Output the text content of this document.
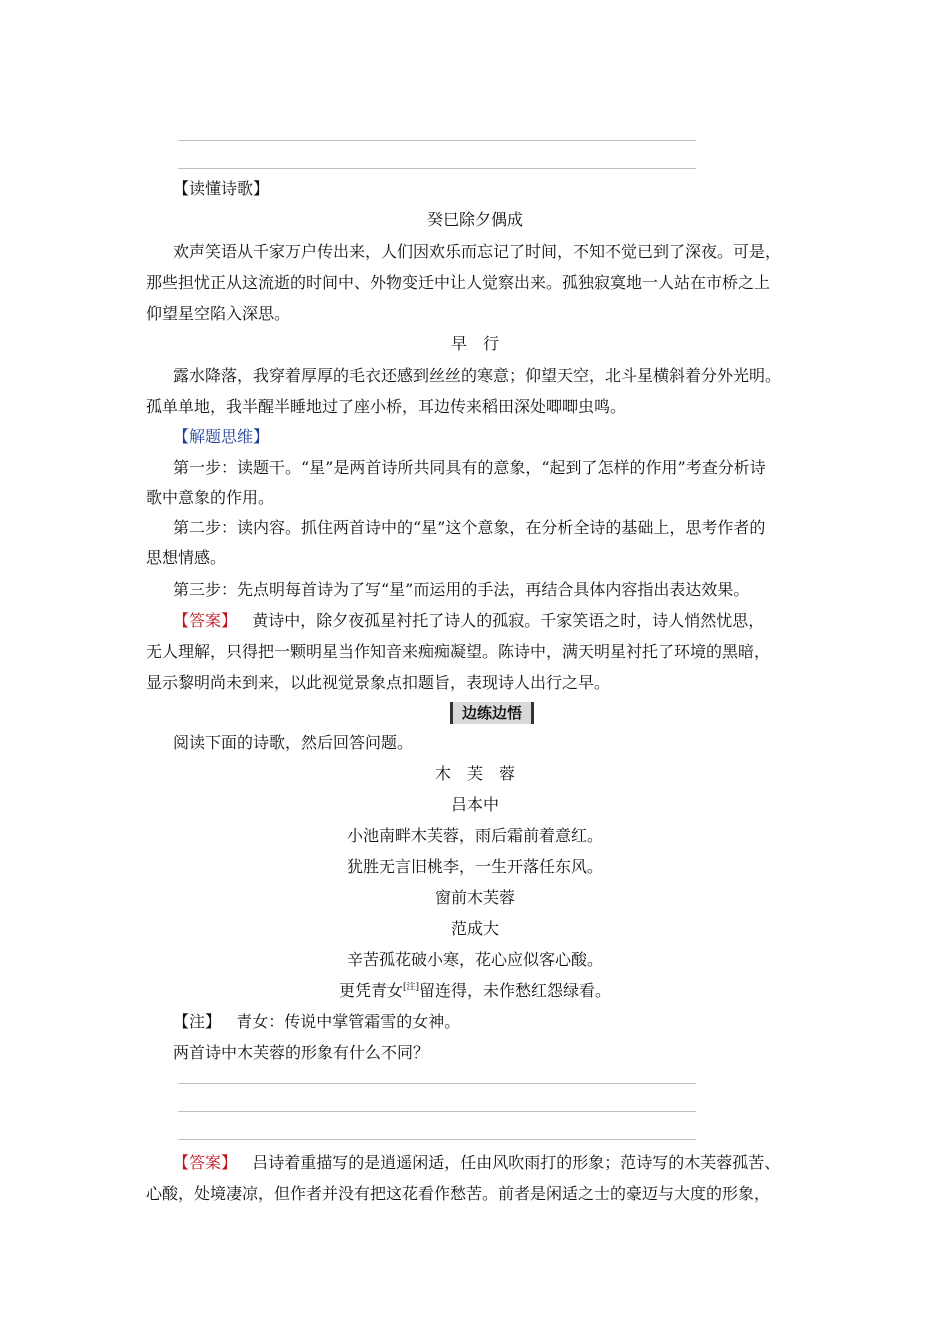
【读懂诗歌】
癸巳除夕偶成
欢声笑语从千家万户传出来，人们因欢乐而忘记了时间，不知不觉已到了深夜。可是，
那些担忧正从这流逝的时间中、外物变迁中让人觉察出来。孤独寂寞地一人站在市桥之上
仰望星空陷入深思。
早　行
露水降落，我穿着厚厚的毛衣还感到丝丝的寒意；仰望天空，北斗星横斜着分外光明。
孤单单地，我半醒半睡地过了座小桥，耳边传来稻田深处唧唧虫鸣。
【解题思维】
第一步：读题干。“星”是两首诗所共同具有的意象，“起到了怎样的作用”考查分析诗
歌中意象的作用。
第二步：读内容。抓住两首诗中的“星”这个意象，在分析全诗的基础上，思考作者的
思想情感。
第三步：先点明每首诗为了写“星”而运用的手法，再结合具体内容指出表达效果。
【答案】 黄诗中，除夕夜孤星衬托了诗人的孤寂。千家笑语之时，诗人悄然忧思，
无人理解，只得把一颗明星当作知音来痴痴凝望。陈诗中，满天明星衬托了环境的黑暗，
显示黎明尚未到来，以此视觉景象点扣题旨，表现诗人出行之早。
边练边悟
阅读下面的诗歌，然后回答问题。
木　芙　蓉
吕本中
小池南畔木芙蓉，雨后霜前着意红。
犹胜无言旧桃李，一生开落任东风。
窗前木芙蓉
范成大
辛苦孤花破小寒，花心应似客心酸。
更凭青女[注]留连得，未作愁红怨绿看。
【注】 青女：传说中掌管霜雪的女神。
两首诗中木芙蓉的形象有什么不同？
【答案】 吕诗着重描写的是逍遥闲适，任由风吹雨打的形象；范诗写的木芙蓉孤苦、
心酸，处境凄凉，但作者并没有把这花看作愁苦。前者是闲适之士的豪迈与大度的形象，
